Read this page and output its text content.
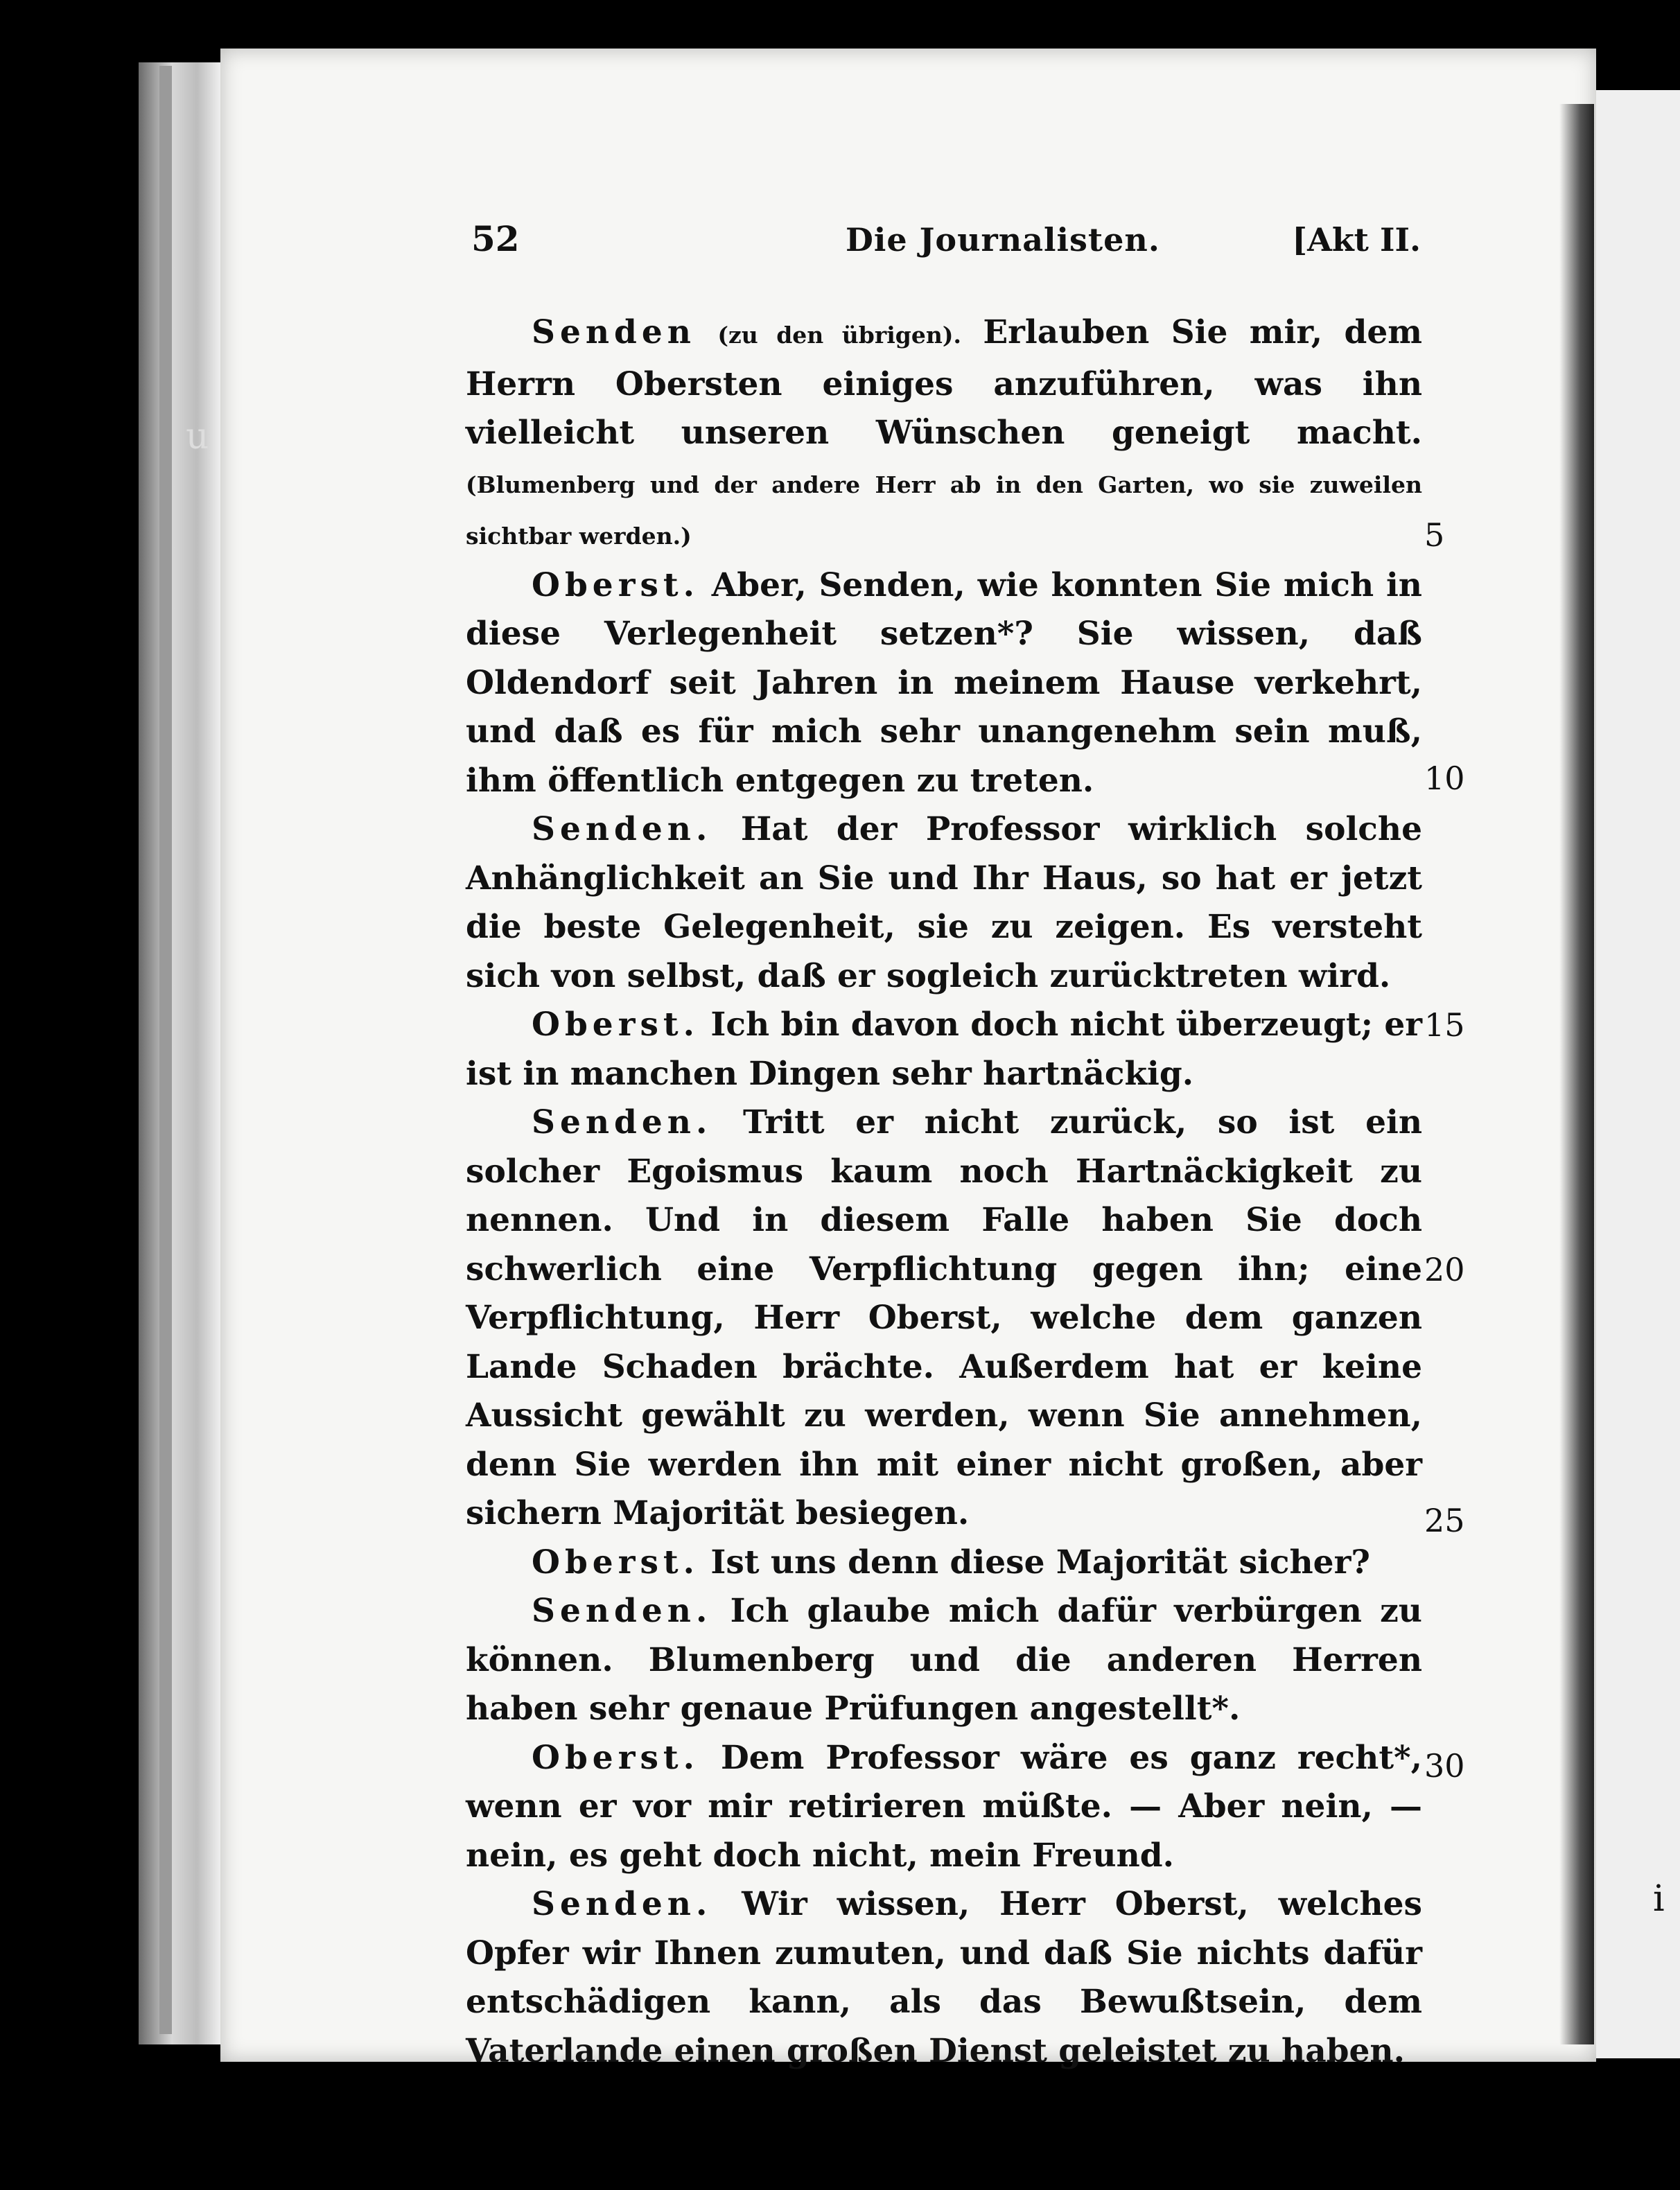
u
i
52	Die Journalisten.	[Akt II.

Senden (zu den übrigen). Erlauben Sie mir, dem Herrn Obersten einiges anzuführen, was ihn vielleicht unseren Wünschen geneigt macht. (Blumenberg und der andere Herr ab in den Garten, wo sie zuweilen sichtbar werden.)

Oberst. Aber, Senden, wie konnten Sie mich in diese Verlegenheit setzen*? Sie wissen, daß Oldendorf seit Jahren in meinem Hause verkehrt, und daß es für mich sehr unangenehm sein muß, ihm öffentlich entgegen zu treten.

Senden. Hat der Professor wirklich solche Anhänglichkeit an Sie und Ihr Haus, so hat er jetzt die beste Gelegenheit, sie zu zeigen. Es versteht sich von selbst, daß er sogleich zurücktreten wird.

Oberst. Ich bin davon doch nicht überzeugt; er ist in manchen Dingen sehr hartnäckig.

Senden. Tritt er nicht zurück, so ist ein solcher Egoismus kaum noch Hartnäckigkeit zu nennen. Und in diesem Falle haben Sie doch schwerlich eine Verpflichtung gegen ihn; eine Verpflichtung, Herr Oberst, welche dem ganzen Lande Schaden brächte. Außerdem hat er keine Aussicht gewählt zu werden, wenn Sie annehmen, denn Sie werden ihn mit einer nicht großen, aber sichern Majorität besiegen.

Oberst. Ist uns denn diese Majorität sicher?

Senden. Ich glaube mich dafür verbürgen zu können. Blumenberg und die anderen Herren haben sehr genaue Prüfungen angestellt*.

Oberst. Dem Professor wäre es ganz recht*, wenn er vor mir retirieren müßte. — Aber nein, — nein, es geht doch nicht, mein Freund.

Senden. Wir wissen, Herr Oberst, welches Opfer wir Ihnen zumuten, und daß Sie nichts dafür entschädigen kann, als das Bewußtsein, dem Vaterlande einen großen Dienst geleistet zu haben.

5
10
15
20
25
30
